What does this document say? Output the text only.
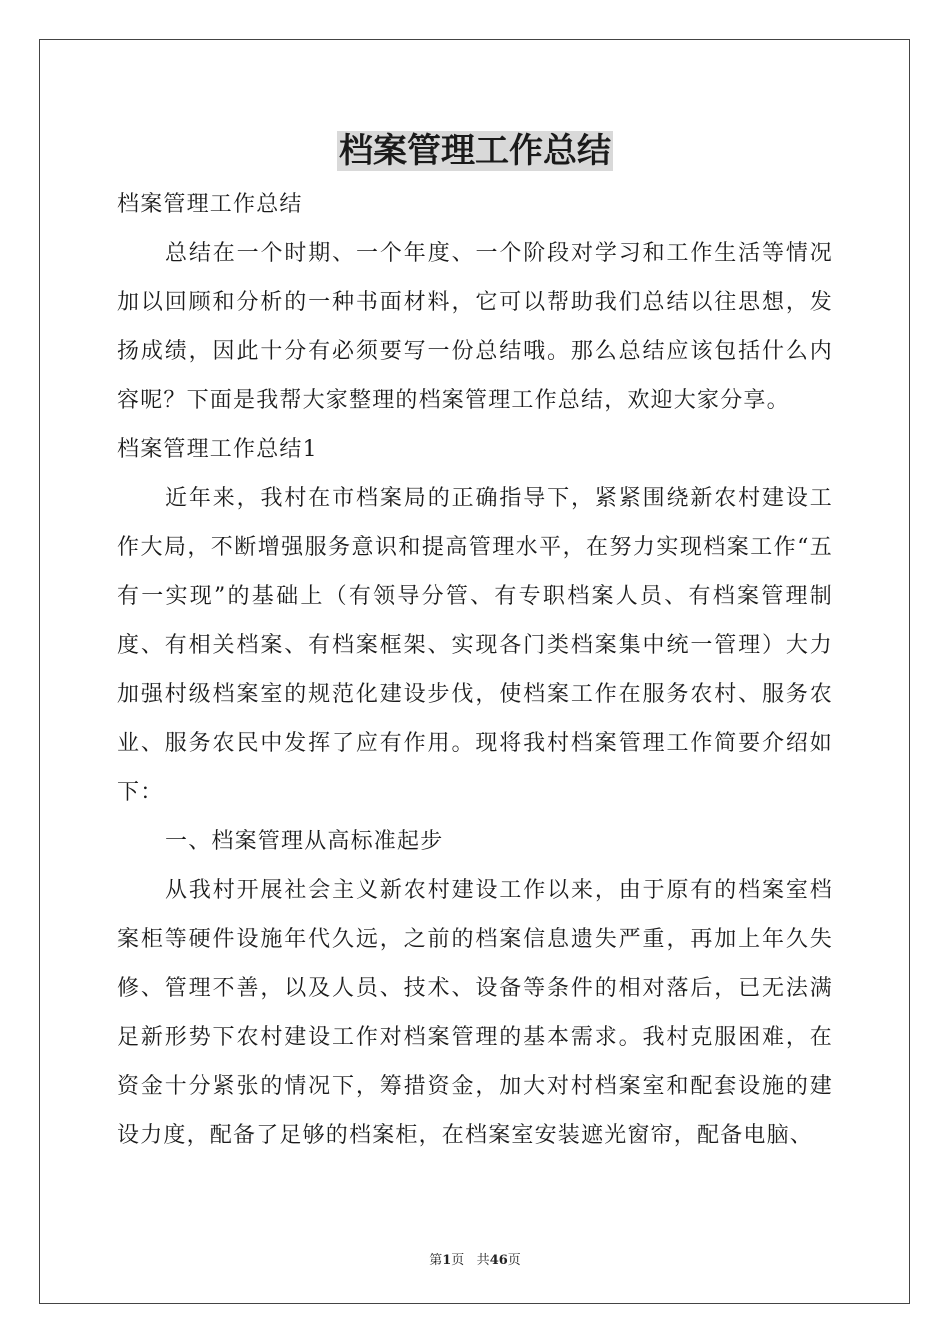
档案管理工作总结

档案管理工作总结

总结在一个时期、一个年度、一个阶段对学习和工作生活等情况加以回顾和分析的一种书面材料，它可以帮助我们总结以往思想，发扬成绩，因此十分有必须要写一份总结哦。那么总结应该包括什么内容呢？下面是我帮大家整理的档案管理工作总结，欢迎大家分享。

档案管理工作总结1

近年来，我村在市档案局的正确指导下，紧紧围绕新农村建设工作大局，不断增强服务意识和提高管理水平，在努力实现档案工作“五有一实现”的基础上（有领导分管、有专职档案人员、有档案管理制度、有相关档案、有档案框架、实现各门类档案集中统一管理）大力加强村级档案室的规范化建设步伐，使档案工作在服务农村、服务农业、服务农民中发挥了应有作用。现将我村档案管理工作简要介绍如下：

一、档案管理从高标准起步

从我村开展社会主义新农村建设工作以来，由于原有的档案室档案柜等硬件设施年代久远，之前的档案信息遗失严重，再加上年久失修、管理不善，以及人员、技术、设备等条件的相对落后，已无法满足新形势下农村建设工作对档案管理的基本需求。我村克服困难，在资金十分紧张的情况下，筹措资金，加大对村档案室和配套设施的建设力度，配备了足够的档案柜，在档案室安装遮光窗帘，配备电脑、

第1页 共46页
